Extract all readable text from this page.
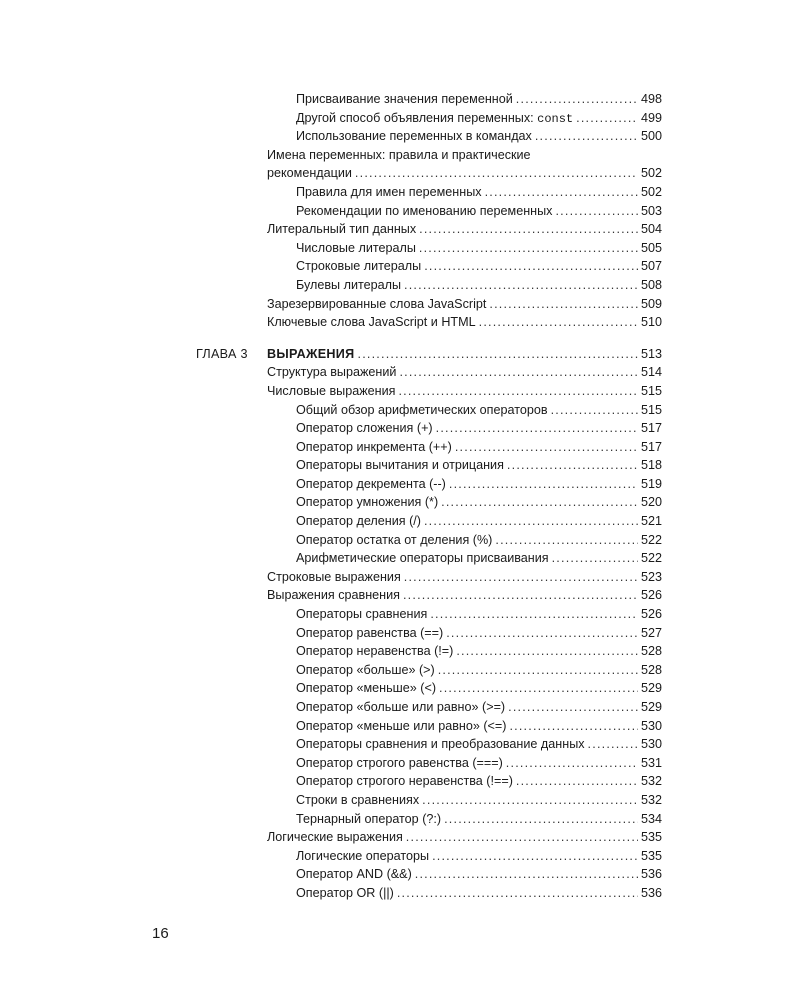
Присваивание значения переменной .....	498
Другой способ объявления переменных: const .....	499
Использование переменных в командах .....	500
Имена переменных: правила и практические
рекомендации .....	502
Правила для имен переменных .....	502
Рекомендации по именованию переменных .....	503
Литеральный тип данных .....	504
Числовые литералы .....	505
Строковые литералы .....	507
Булевы литералы .....	508
Зарезервированные слова JavaScript .....	509
Ключевые слова JavaScript и HTML .....	510
ГЛАВА 3 ВЫРАЖЕНИЯ .....	513
Структура выражений .....	514
Числовые выражения .....	515
Общий обзор арифметических операторов .....	515
Оператор сложения (+) .....	517
Оператор инкремента (++) .....	517
Операторы вычитания и отрицания .....	518
Оператор декремента (--) .....	519
Оператор умножения (*) .....	520
Оператор деления (/) .....	521
Оператор остатка от деления (%) .....	522
Арифметические операторы присваивания .....	522
Строковые выражения .....	523
Выражения сравнения .....	526
Операторы сравнения .....	526
Оператор равенства (==) .....	527
Оператор неравенства (!=) .....	528
Оператор «больше» (>) .....	528
Оператор «меньше» (<) .....	529
Оператор «больше или равно» (>=) .....	529
Оператор «меньше или равно» (<=) .....	530
Операторы сравнения и преобразование данных .....	530
Оператор строгого равенства (===) .....	531
Оператор строгого неравенства (!==) .....	532
Строки в сравнениях .....	532
Тернарный оператор (?:) .....	534
Логические выражения .....	535
Логические операторы .....	535
Оператор AND (&&) .....	536
Оператор OR (||) .....	536
16
